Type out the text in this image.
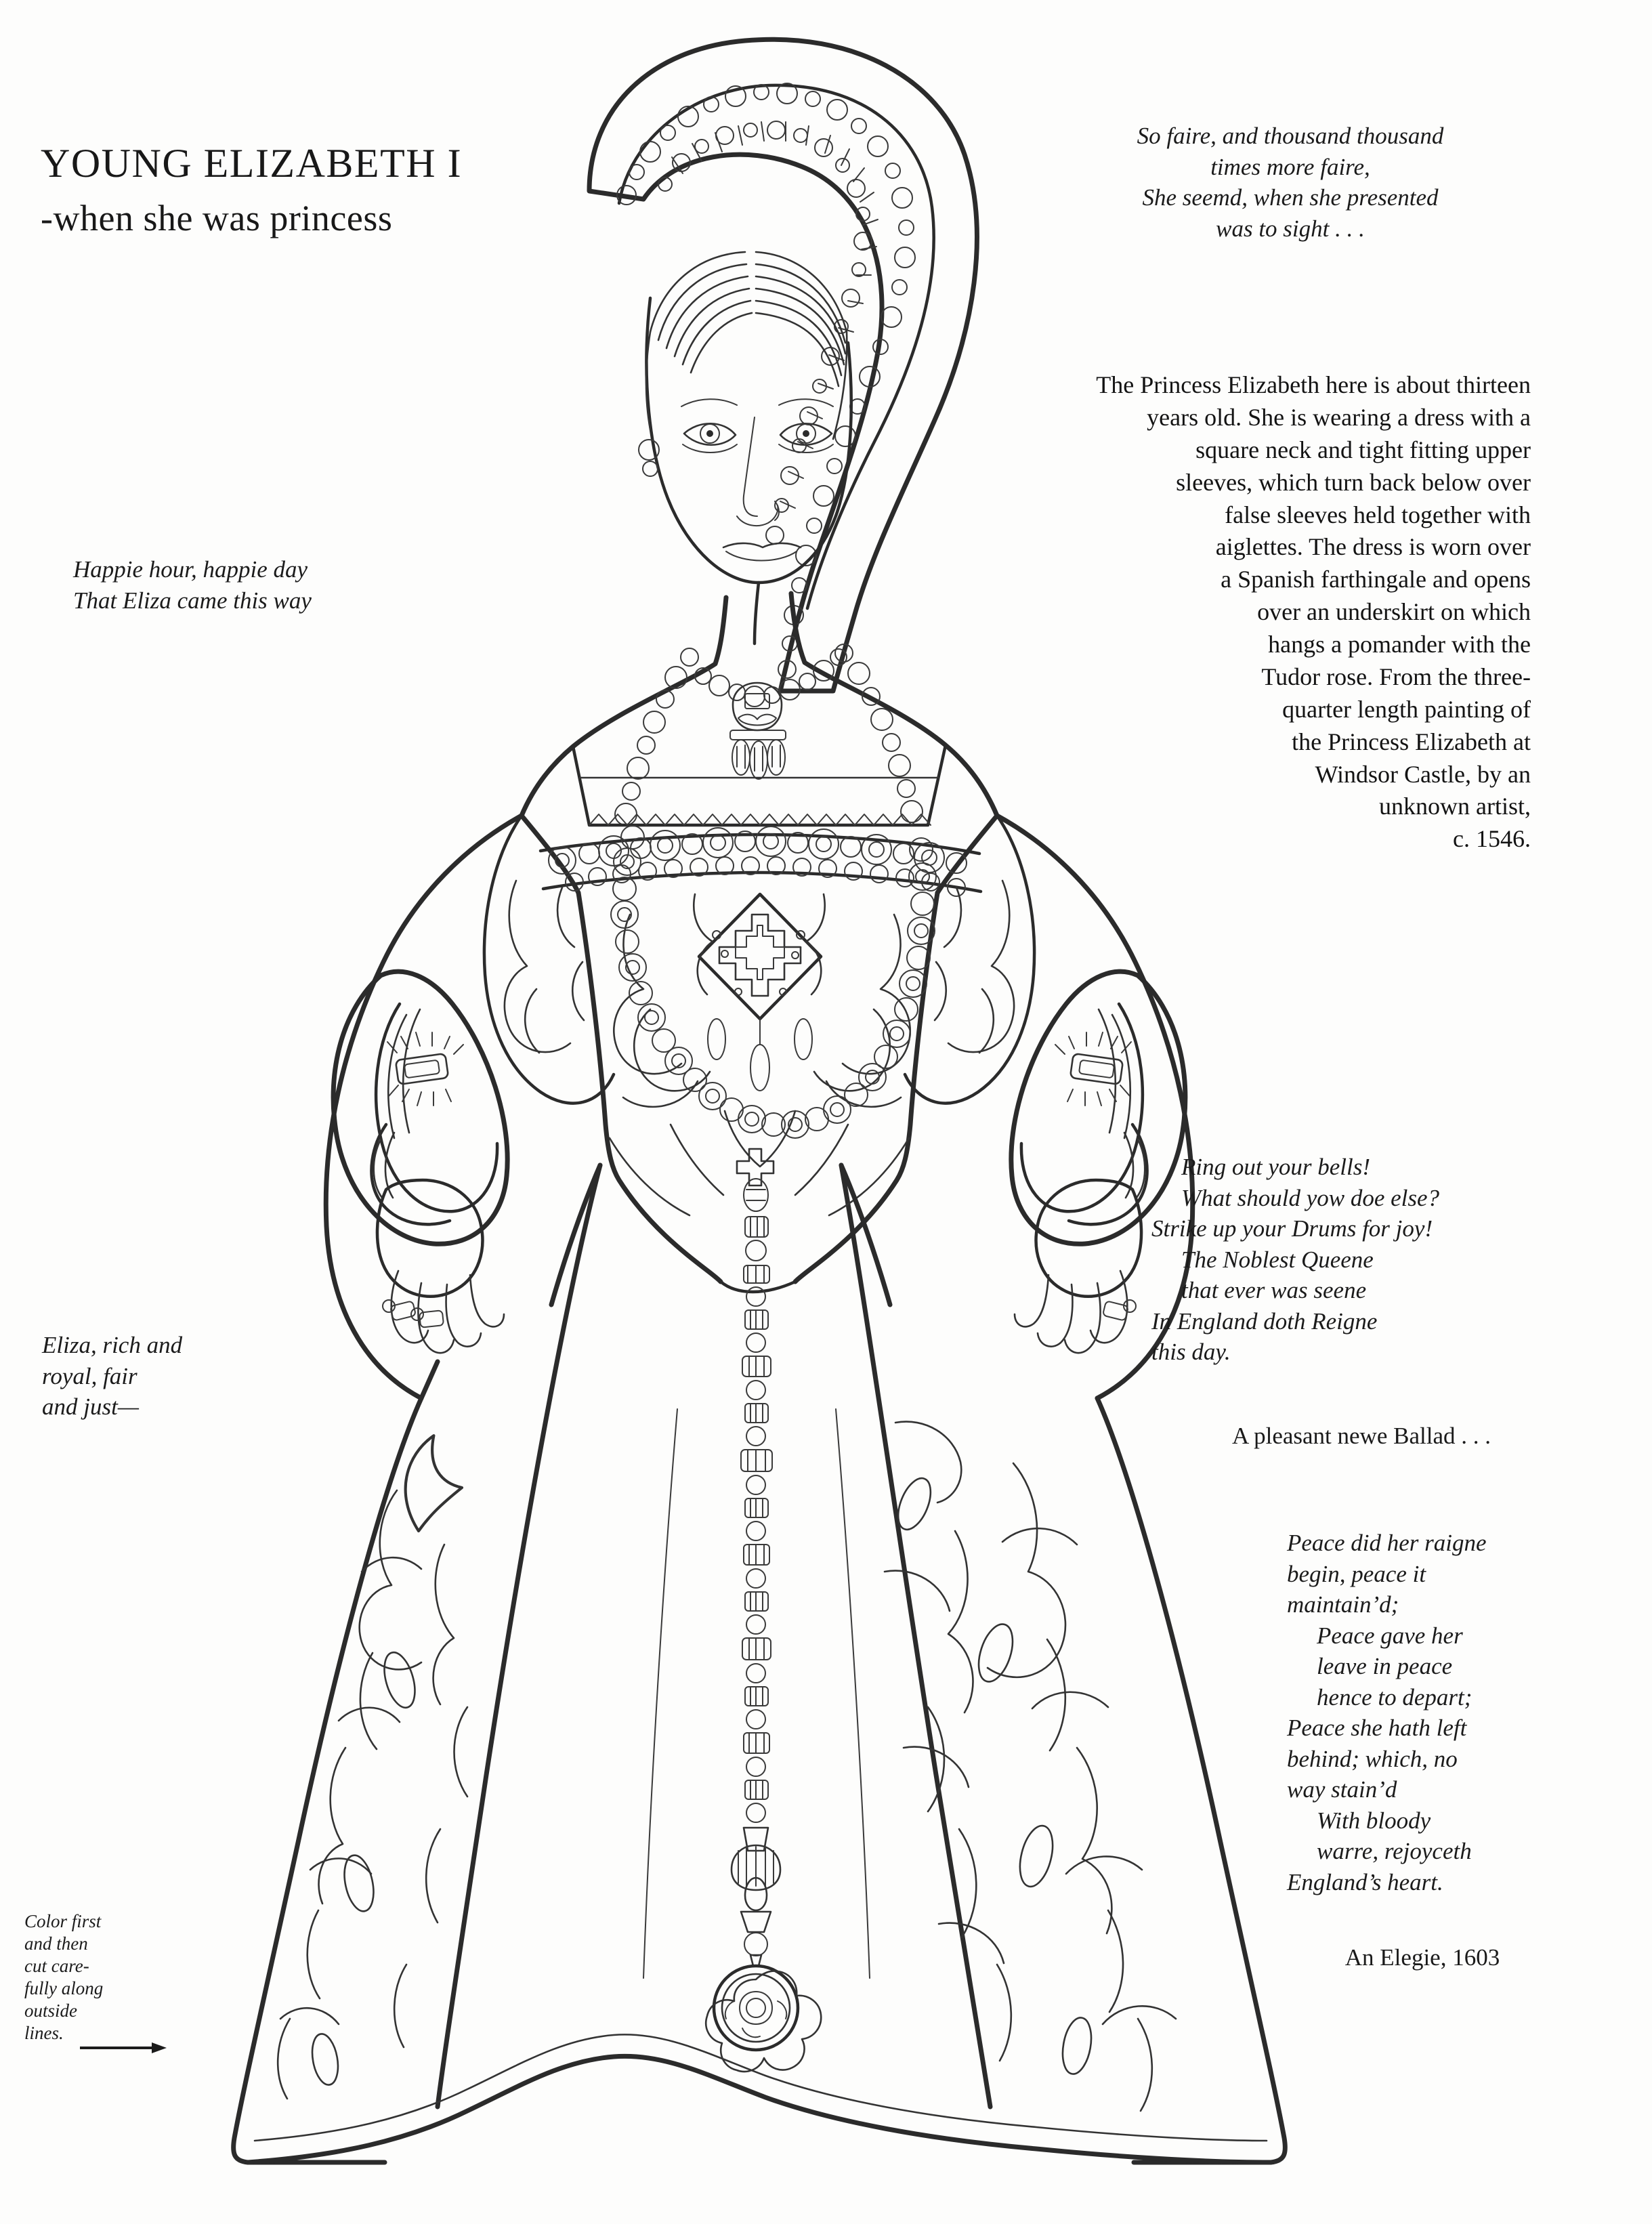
YOUNG ELIZABETH I
-when she was princess
So faire, and thousand thousand
times more faire,
She seemd, when she presented
was to sight . . .
The Princess Elizabeth here is about thirteen
years old. She is wearing a dress with a
square neck and tight fitting upper
sleeves, which turn back below over
false sleeves held together with
aiglettes. The dress is worn over
a Spanish farthingale and opens
over an underskirt on which
hangs a pomander with the
Tudor rose. From the three-
quarter length painting of
the Princess Elizabeth at
Windsor Castle, by an
unknown artist,
c. 1546.
Happie hour, happie day
That Eliza came this way
Eliza, rich and
royal, fair
and just—
Ring out your bells!
What should yow doe else?
Strike up your Drums for joy!
The Noblest Queene
that ever was seene
In England doth Reigne
this day.
A pleasant newe Ballad . . .
Peace did her raigne
begin, peace it
maintain’d;
Peace gave her
leave in peace
hence to depart;
Peace she hath left
behind; which, no
way stain’d
With bloody
warre, rejoyceth
England’s heart.
An Elegie, 1603
Color first
and then
cut care-
fully along
outside
lines.
